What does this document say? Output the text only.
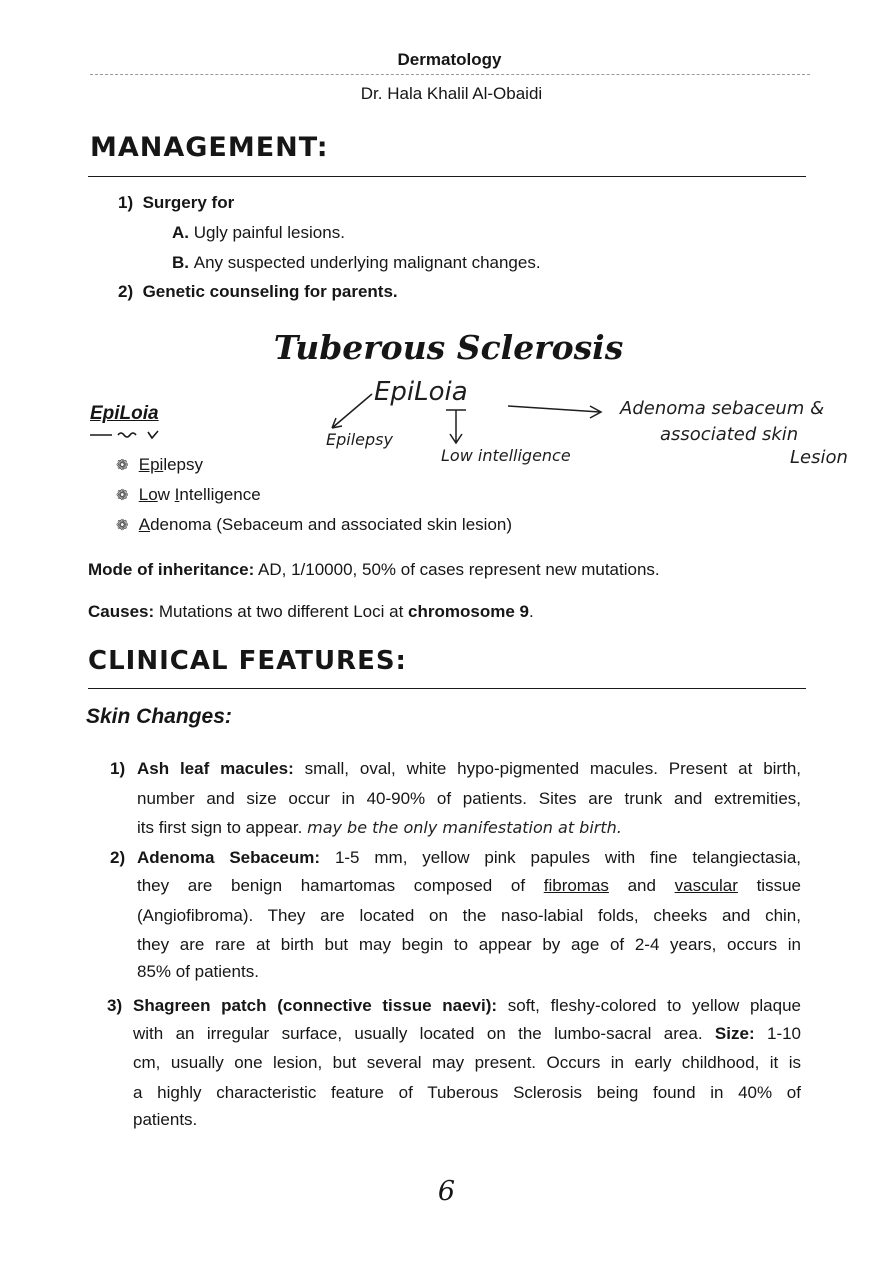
Dermatology
Dr. Hala Khalil Al-Obaidi
MANAGEMENT:
1) Surgery for
A. Ugly painful lesions.
B. Any suspected underlying malignant changes.
2) Genetic counseling for parents.
Tuberous Sclerosis
EpiLoia
EpiLoia
Epilepsy
Low intelligence
Adenoma sebaceum &
associated skin
Lesion
❁ Epilepsy
❁ Low Intelligence
❁ Adenoma (Sebaceum and associated skin lesion)
Mode of inheritance: AD, 1/10000, 50% of cases represent new mutations.
Causes: Mutations at two different Loci at chromosome 9.
CLINICAL FEATURES:
Skin Changes:
1) Ash leaf macules: small, oval, white hypo-pigmented macules. Present at birth,
number and size occur in 40-90% of patients. Sites are trunk and extremities,
its first sign to appear. may be the only manifestation at birth.
2) Adenoma Sebaceum: 1-5 mm, yellow pink papules with fine telangiectasia,
they are benign hamartomas composed of fibromas and vascular tissue
(Angiofibroma). They are located on the naso-labial folds, cheeks and chin,
they are rare at birth but may begin to appear by age of 2-4 years, occurs in
85% of patients.
3) Shagreen patch (connective tissue naevi): soft, fleshy-colored to yellow plaque
with an irregular surface, usually located on the lumbo-sacral area. Size: 1-10
cm, usually one lesion, but several may present. Occurs in early childhood, it is
a highly characteristic feature of Tuberous Sclerosis being found in 40% of
patients.
6
